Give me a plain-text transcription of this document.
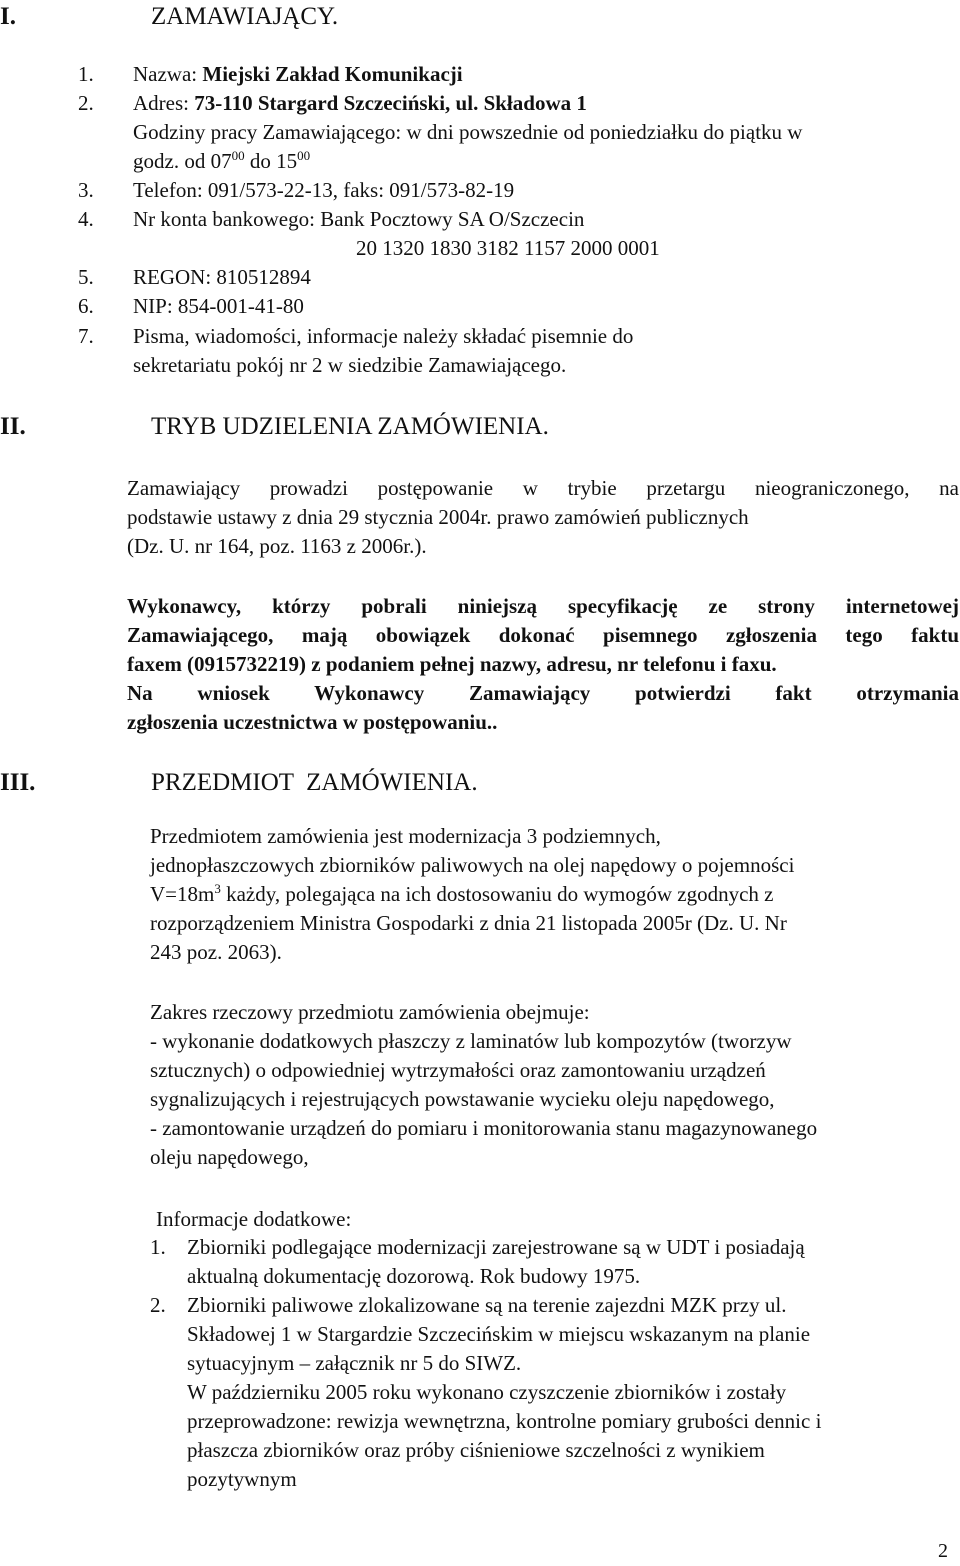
I.	ZAMAWIAJĄCY.
1. Nazwa: Miejski Zakład Komunikacji
2. Adres: 73-110 Stargard Szczeciński, ul. Składowa 1
Godziny pracy Zamawiającego: w dni powszednie od poniedziałku do piątku w
godz. od $07^{00}$ do $15^{00}$
3. Telefon: 091/573-22-13, faks: 091/573-82-19
4. Nr konta bankowego: Bank Pocztowy SA O/Szczecin
20 1320 1830 3182 1157 2000 0001
5. REGON: 810512894
6. NIP: 854-001-41-80
7. Pisma, wiadomości, informacje należy składać pisemnie do
sekretariatu pokój nr 2 w siedzibie Zamawiającego.
II.	TRYB UDZIELENIA ZAMÓWIENIA.
Zamawiający prowadzi postępowanie w trybie przetargu nieograniczonego, na
podstawie ustawy z dnia 29 stycznia 2004r. prawo zamówień publicznych
(Dz. U. nr 164, poz. 1163 z 2006r.).
Wykonawcy, którzy pobrali niniejszą specyfikację ze strony internetowej
Zamawiającego, mają obowiązek dokonać pisemnego zgłoszenia tego faktu
faxem (0915732219) z podaniem pełnej nazwy, adresu, nr telefonu i faxu.
Na wniosek Wykonawcy Zamawiający potwierdzi fakt otrzymania
zgłoszenia uczestnictwa w postępowaniu..
III.	PRZEDMIOT  ZAMÓWIENIA.
Przedmiotem zamówienia jest modernizacja 3 podziemnych,
jednopłaszczowych zbiorników paliwowych na olej napędowy o pojemności
$V=18m^3$ każdy, polegająca na ich dostosowaniu do wymogów zgodnych z
rozporządzeniem Ministra Gospodarki z dnia 21 listopada 2005r (Dz. U. Nr
243 poz. 2063).
Zakres rzeczowy przedmiotu zamówienia obejmuje:
- wykonanie dodatkowych płaszczy z laminatów lub kompozytów (tworzyw
sztucznych) o odpowiedniej wytrzymałości oraz zamontowaniu urządzeń
sygnalizujących i rejestrujących powstawanie wycieku oleju napędowego,
- zamontowanie urządzeń do pomiaru i monitorowania stanu magazynowanego
oleju napędowego,
Informacje dodatkowe:
1. Zbiorniki podlegające modernizacji zarejestrowane są w UDT i posiadają
aktualną dokumentację dozorową. Rok budowy 1975.
2. Zbiorniki paliwowe zlokalizowane są na terenie zajezdni MZK przy ul.
Składowej 1 w Stargardzie Szczecińskim w miejscu wskazanym na planie
sytuacyjnym – załącznik nr 5 do SIWZ.
W październiku 2005 roku wykonano czyszczenie zbiorników i zostały
przeprowadzone: rewizja wewnętrzna, kontrolne pomiary grubości dennic i
płaszcza zbiorników oraz próby ciśnieniowe szczelności z wynikiem
pozytywnym
2
